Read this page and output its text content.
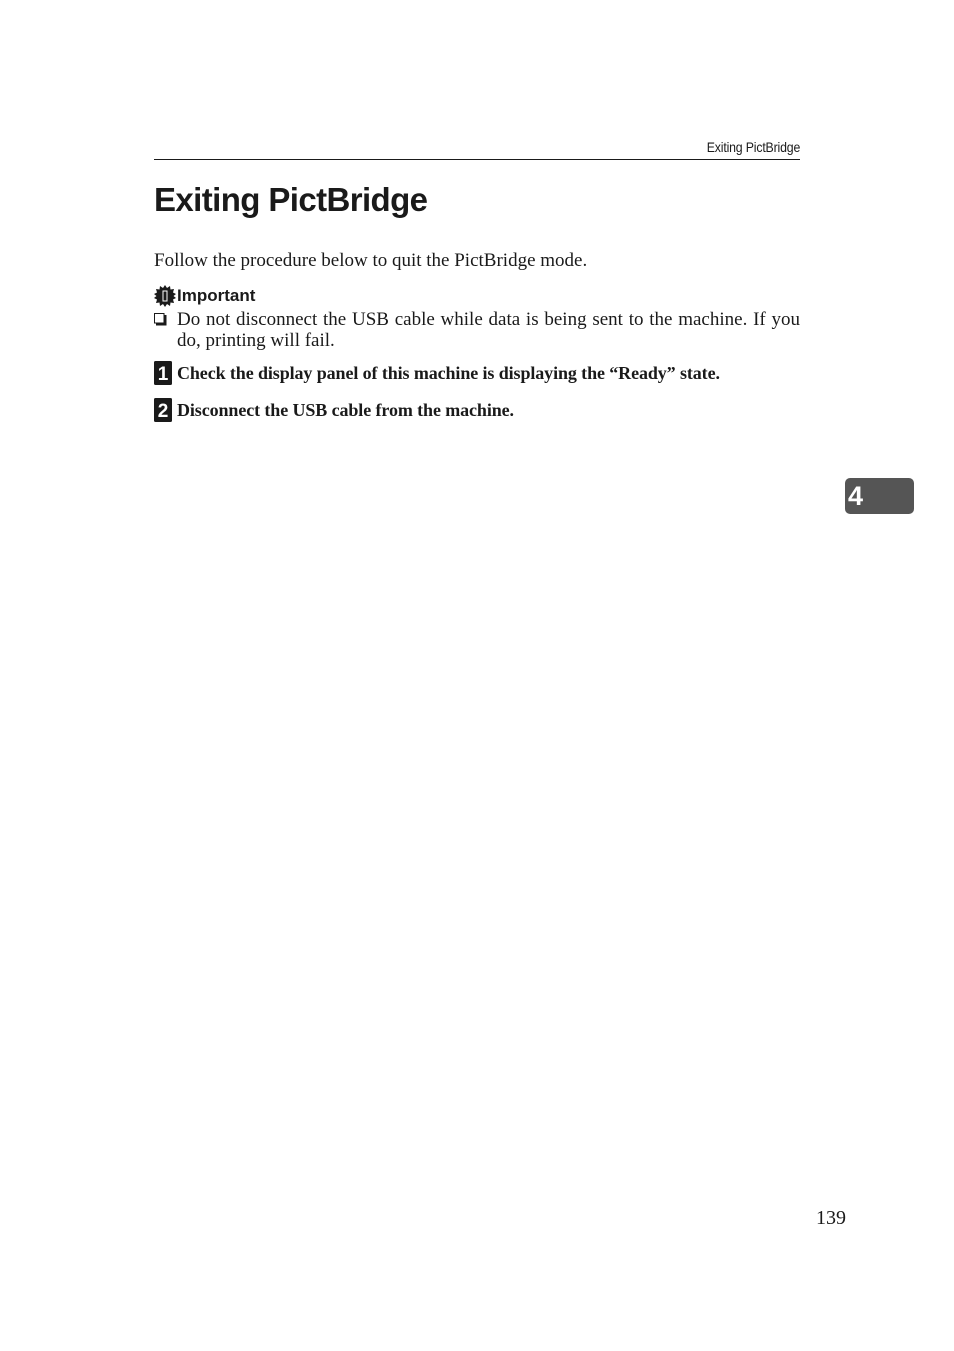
Exiting PictBridge
Exiting PictBridge

Follow the procedure below to quit the PictBridge mode.

Important
Do not disconnect the USB cable while data is being sent to the machine. If you do, printing will fail.
1 Check the display panel of this machine is displaying the “Ready” state.
2 Disconnect the USB cable from the machine.
4
139
